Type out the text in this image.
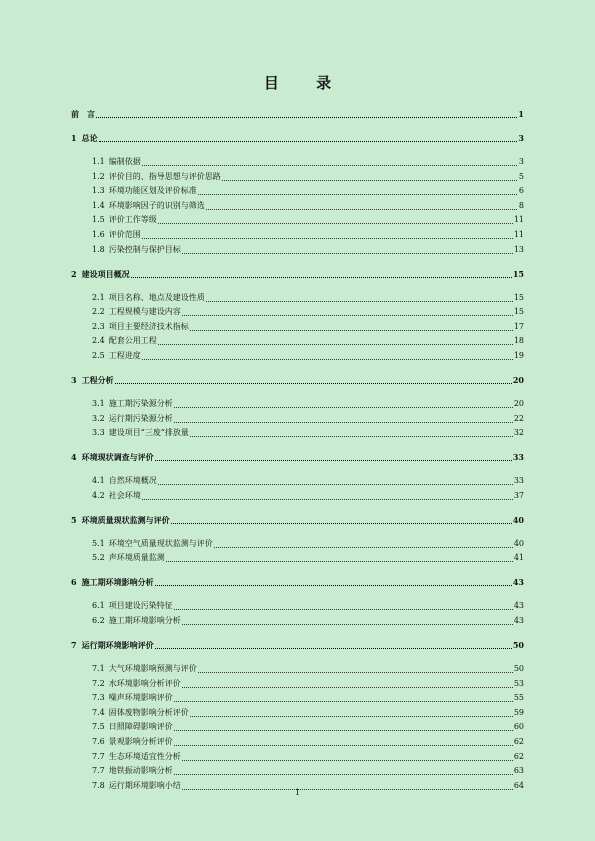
目 录
前　言	1
1 总论	3
1.1 编制依据	3
1.2 评价目的、指导思想与评价思路	5
1.3 环境功能区划及评价标准	6
1.4 环境影响因子的识别与筛选	8
1.5 评价工作等级	11
1.6 评价范围	11
1.8 污染控制与保护目标	13
2 建设项目概况	15
2.1 项目名称、地点及建设性质	15
2.2 工程规模与建设内容	15
2.3 项目主要经济技术指标	17
2.4 配套公用工程	18
2.5 工程进度	19
3 工程分析	20
3.1 施工期污染源分析	20
3.2 运行期污染源分析	22
3.3 建设项目“三废”排放量	32
4 环境现状调查与评价	33
4.1 自然环境概况	33
4.2 社会环境	37
5 环境质量现状监测与评价	40
5.1 环境空气质量现状监测与评价	40
5.2 声环境质量监测	41
6 施工期环境影响分析	43
6.1 项目建设污染特征	43
6.2 施工期环境影响分析	43
7 运行期环境影响评价	50
7.1 大气环境影响预测与评价	50
7.2 水环境影响分析评价	53
7.3 噪声环境影响评价	55
7.4 固体废物影响分析评价	59
7.5 日照障碍影响评价	60
7.6 景观影响分析评价	62
7.7 生态环境适宜性分析	62
7.7 地铁振动影响分析	63
7.8 运行期环境影响小结	64
1
